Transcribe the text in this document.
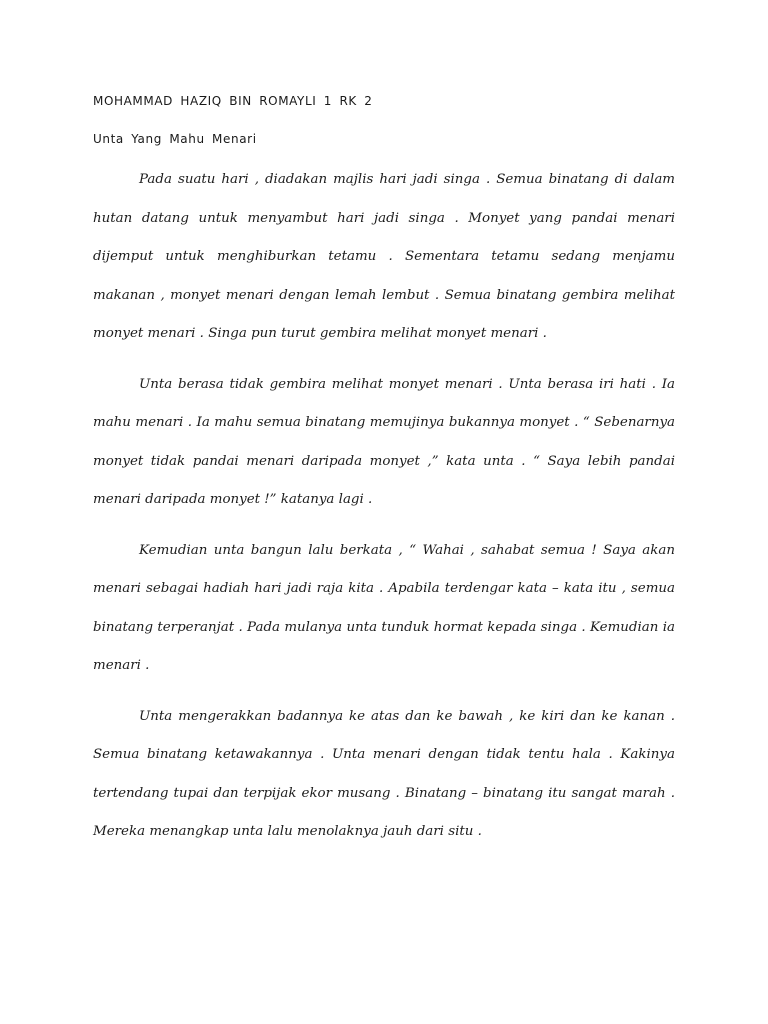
MOHAMMAD HAZIQ BIN ROMAYLI 1 RK 2
Unta Yang Mahu Menari

Pada suatu hari , diadakan majlis hari jadi singa . Semua binatang di dalam hutan datang untuk menyambut hari jadi singa . Monyet yang pandai menari dijemput untuk menghiburkan tetamu . Sementara tetamu sedang menjamu makanan , monyet menari dengan lemah lembut . Semua binatang gembira melihat monyet menari . Singa pun turut gembira melihat monyet menari .

Unta berasa tidak gembira melihat monyet menari . Unta berasa iri hati . Ia mahu menari . Ia mahu semua binatang memujinya bukannya monyet . “ Sebenarnya monyet tidak pandai menari daripada monyet ,” kata unta . “ Saya lebih pandai menari daripada monyet !” katanya lagi .

Kemudian unta bangun lalu berkata , “ Wahai , sahabat semua ! Saya akan menari sebagai hadiah hari jadi raja kita . Apabila terdengar kata – kata itu , semua binatang terperanjat . Pada mulanya unta tunduk hormat kepada singa . Kemudian ia menari .

Unta mengerakkan badannya ke atas dan ke bawah , ke kiri dan ke kanan . Semua binatang ketawakannya . Unta menari dengan tidak tentu hala . Kakinya tertendang tupai dan terpijak ekor musang . Binatang – binatang itu sangat marah . Mereka menangkap unta lalu menolaknya jauh dari situ .
